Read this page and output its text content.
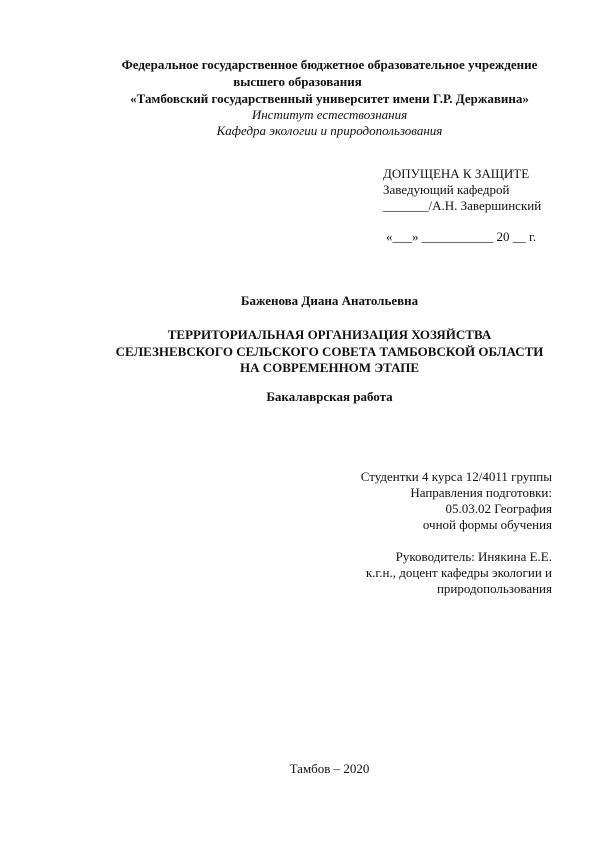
Федеральное государственное бюджетное образовательное учреждение
высшего образования
«Тамбовский государственный университет имени Г.Р. Державина»
Институт естествознания
Кафедра экологии и природопользования
ДОПУЩЕНА К ЗАЩИТЕ
Заведующий кафедрой
_______/А.Н. Завершинский
«___» ___________ 20 __ г.
Баженова Диана Анатольевна
ТЕРРИТОРИАЛЬНАЯ ОРГАНИЗАЦИЯ ХОЗЯЙСТВА
СЕЛЕЗНЕВСКОГО СЕЛЬСКОГО СОВЕТА ТАМБОВСКОЙ ОБЛАСТИ
НА СОВРЕМЕННОМ ЭТАПЕ
Бакалаврская работа
Студентки 4 курса 12/4011 группы
Направления подготовки:
05.03.02 География
очной формы обучения
Руководитель: Инякина Е.Е.
к.г.н., доцент кафедры экологии и
природопользования
Тамбов – 2020
